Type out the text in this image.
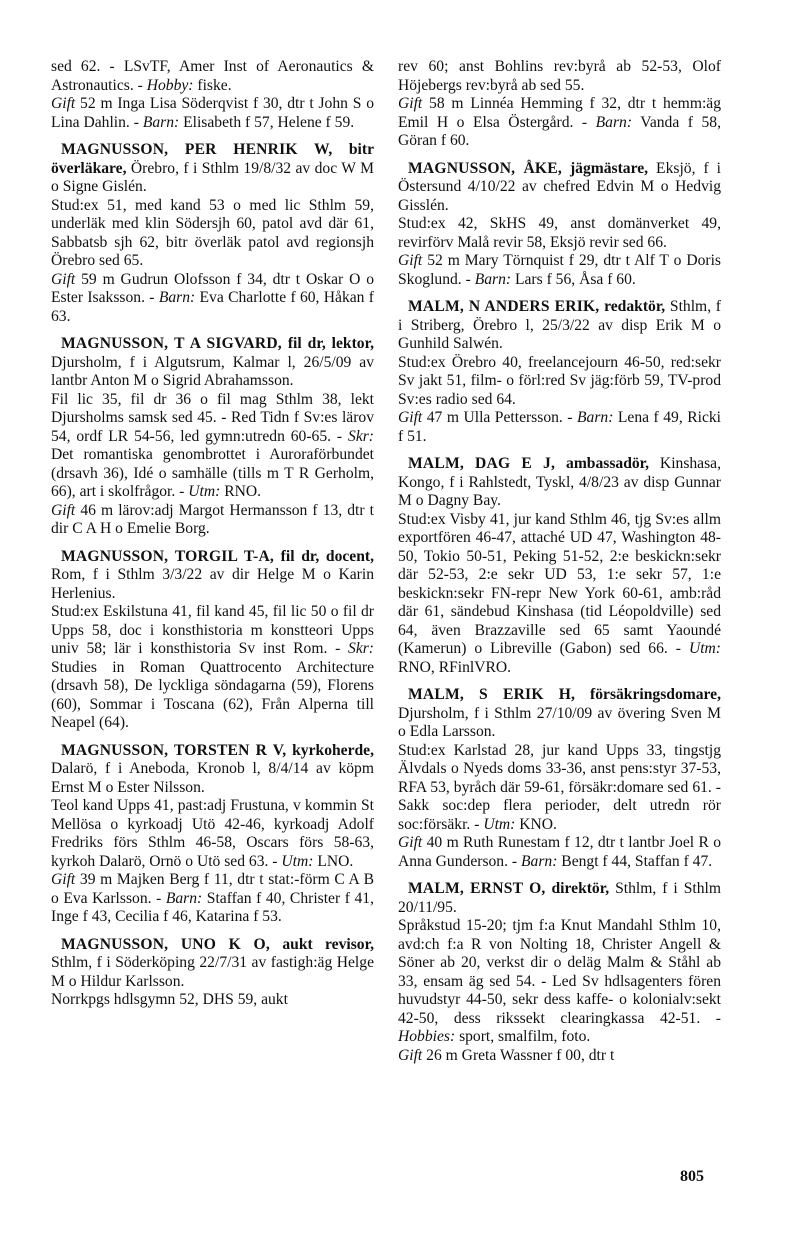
sed 62. - LSvTF, Amer Inst of Aeronautics & Astronautics. - Hobby: fiske.

Gift 52 m Inga Lisa Söderqvist f 30, dtr t John S o Lina Dahlin. - Barn: Elisabeth f 57, Helene f 59.

MAGNUSSON, PER HENRIK W, bitr överläkare, Örebro, f i Sthlm 19/8/32 av doc W M o Signe Gislén.

Stud:ex 51, med kand 53 o med lic Sthlm 59, underläk med klin Södersjh 60, patol avd där 61, Sabbatsb sjh 62, bitr överläk patol avd regionsjh Örebro sed 65.

Gift 59 m Gudrun Olofsson f 34, dtr t Oskar O o Ester Isaksson. - Barn: Eva Charlotte f 60, Håkan f 63.

MAGNUSSON, T A SIGVARD, fil dr, lektor, Djursholm, f i Algutsrum, Kalmar l, 26/5/09 av lantbr Anton M o Sigrid Abrahamsson.

Fil lic 35, fil dr 36 o fil mag Sthlm 38, lekt Djursholms samsk sed 45. - Red Tidn f Sv:es lärov 54, ordf LR 54-56, led gymn:utredn 60-65. - Skr: Det romantiska genombrottet i Auroraförbundet (drsavh 36), Idé o samhälle (tills m T R Gerholm, 66), art i skolfrågor. - Utm: RNO.

Gift 46 m lärov:adj Margot Hermansson f 13, dtr t dir C A H o Emelie Borg.

MAGNUSSON, TORGIL T-A, fil dr, docent, Rom, f i Sthlm 3/3/22 av dir Helge M o Karin Herlenius.

Stud:ex Eskilstuna 41, fil kand 45, fil lic 50 o fil dr Upps 58, doc i konsthistoria m konstteori Upps univ 58; lär i konsthistoria Sv inst Rom. - Skr: Studies in Roman Quattrocento Architecture (drsavh 58), De lyckliga söndagarna (59), Florens (60), Sommar i Toscana (62), Från Alperna till Neapel (64).

MAGNUSSON, TORSTEN R V, kyrkoherde, Dalarö, f i Aneboda, Kronob l, 8/4/14 av köpm Ernst M o Ester Nilsson.

Teol kand Upps 41, past:adj Frustuna, v kommin St Mellösa o kyrkoadj Utö 42-46, kyrkoadj Adolf Fredriks förs Sthlm 46-58, Oscars förs 58-63, kyrkoh Dalarö, Ornö o Utö sed 63. - Utm: LNO.

Gift 39 m Majken Berg f 11, dtr t stat:-förm C A B o Eva Karlsson. - Barn: Staffan f 40, Christer f 41, Inge f 43, Cecilia f 46, Katarina f 53.

MAGNUSSON, UNO K O, aukt revisor, Sthlm, f i Söderköping 22/7/31 av fastigh:äg Helge M o Hildur Karlsson.

Norrkpgs hdlsgymn 52, DHS 59, aukt

rev 60; anst Bohlins rev:byrå ab 52-53, Olof Höjebergs rev:byrå ab sed 55.

Gift 58 m Linnéa Hemming f 32, dtr t hemm:äg Emil H o Elsa Östergård. - Barn: Vanda f 58, Göran f 60.

MAGNUSSON, ÅKE, jägmästare, Eksjö, f i Östersund 4/10/22 av chefred Edvin M o Hedvig Gisslén.

Stud:ex 42, SkHS 49, anst domänverket 49, revirförv Malå revir 58, Eksjö revir sed 66.

Gift 52 m Mary Törnquist f 29, dtr t Alf T o Doris Skoglund. - Barn: Lars f 56, Åsa f 60.

MALM, N ANDERS ERIK, redaktör, Sthlm, f i Striberg, Örebro l, 25/3/22 av disp Erik M o Gunhild Salwén.

Stud:ex Örebro 40, freelancejourn 46-50, red:sekr Sv jakt 51, film- o förl:red Sv jäg:förb 59, TV-prod Sv:es radio sed 64.

Gift 47 m Ulla Pettersson. - Barn: Lena f 49, Ricki f 51.

MALM, DAG E J, ambassadör, Kinshasa, Kongo, f i Rahlstedt, Tyskl, 4/8/23 av disp Gunnar M o Dagny Bay.

Stud:ex Visby 41, jur kand Sthlm 46, tjg Sv:es allm exportfören 46-47, attaché UD 47, Washington 48-50, Tokio 50-51, Peking 51-52, 2:e beskickn:sekr där 52-53, 2:e sekr UD 53, 1:e sekr 57, 1:e beskickn:sekr FN-repr New York 60-61, amb:råd där 61, sändebud Kinshasa (tid Léopoldville) sed 64, även Brazzaville sed 65 samt Yaoundé (Kamerun) o Libreville (Gabon) sed 66. - Utm: RNO, RFinlVRO.

MALM, S ERIK H, försäkringsdomare, Djursholm, f i Sthlm 27/10/09 av övering Sven M o Edla Larsson.

Stud:ex Karlstad 28, jur kand Upps 33, tingstjg Älvdals o Nyeds doms 33-36, anst pens:styr 37-53, RFA 53, byråch där 59-61, försäkr:domare sed 61. - Sakk soc:dep flera perioder, delt utredn rör soc:försäkr. - Utm: KNO.

Gift 40 m Ruth Runestam f 12, dtr t lantbr Joel R o Anna Gunderson. - Barn: Bengt f 44, Staffan f 47.

MALM, ERNST O, direktör, Sthlm, f i Sthlm 20/11/95.

Språkstud 15-20; tjm f:a Knut Mandahl Sthlm 10, avd:ch f:a R von Nolting 18, Christer Angell & Söner ab 20, verkst dir o deläg Malm & Ståhl ab 33, ensam äg sed 54. - Led Sv hdlsagenters fören huvudstyr 44-50, sekr dess kaffe- o kolonialv:sekt 42-50, dess rikssekt clearingkassa 42-51. - Hobbies: sport, smalfilm, foto.

Gift 26 m Greta Wassner f 00, dtr t

805
